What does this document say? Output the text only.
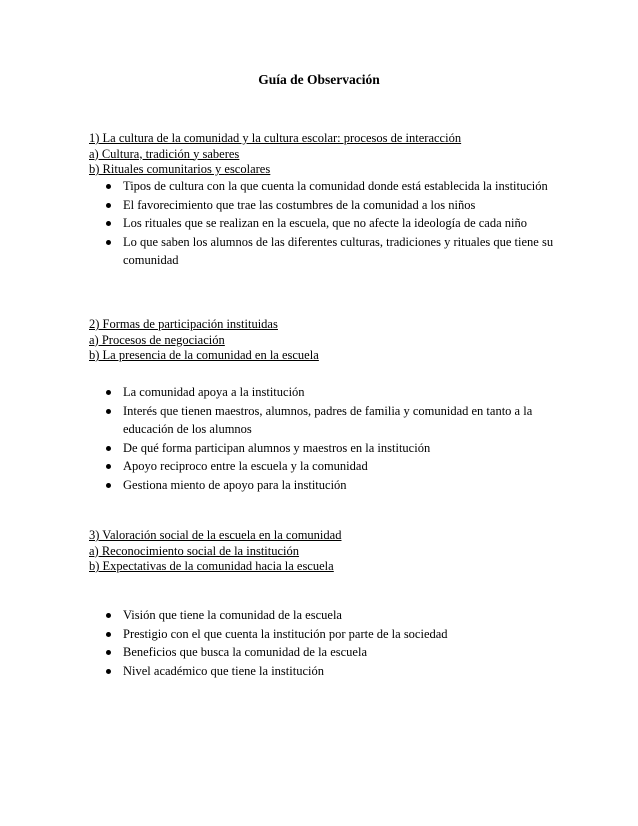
Guía de Observación
1) La cultura de la comunidad y la cultura escolar: procesos de interacción
a) Cultura, tradición y saberes
b) Rituales comunitarios y escolares
Tipos de cultura con la que cuenta la comunidad donde está establecida la institución
El favorecimiento que trae las costumbres de la comunidad a los niños
Los rituales que se realizan en la escuela, que no afecte la ideología de cada niño
Lo que saben los alumnos de las diferentes culturas, tradiciones y rituales que tiene su comunidad
2) Formas de participación instituidas
a) Procesos de negociación
b) La presencia de la comunidad en la escuela
La comunidad apoya a la institución
Interés que tienen maestros, alumnos, padres de familia y comunidad en tanto a la educación de los alumnos
De qué forma participan alumnos y maestros en la institución
Apoyo reciproco entre la escuela y la comunidad
Gestiona miento de apoyo para la institución
3) Valoración social de la escuela en la comunidad
a) Reconocimiento social de la institución
b) Expectativas de la comunidad hacia la escuela
Visión que tiene la comunidad de la escuela
Prestigio con el que cuenta la institución por parte de la sociedad
Beneficios que busca la comunidad de la escuela
Nivel académico que tiene la institución
